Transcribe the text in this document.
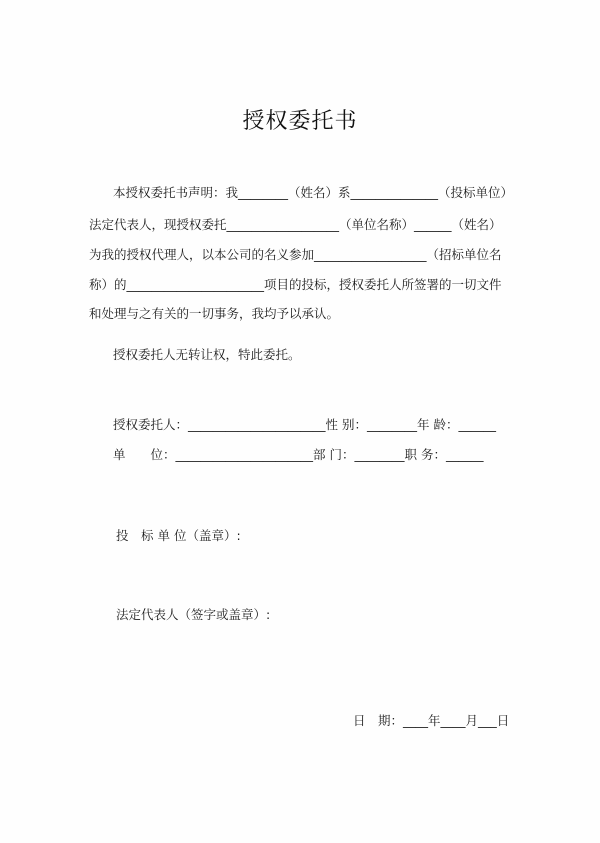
授权委托书
本授权委托书声明：我________（姓名）系______________（投标单位）
法定代表人，现授权委托__________________（单位名称）______（姓名）
为我的授权代理人，以本公司的名义参加__________________（招标单位名
称）的______________________项目的投标，授权委托人所签署的一切文件
和处理与之有关的一切事务，我均予以承认。
授权委托人无转让权，特此委托。
授权委托人：______________________性 别：________年 龄：______
单　　位：______________________部 门：________职 务：______
投　标 单 位（盖章）:
法定代表人（签字或盖章）:
日　期：____年____月___日
